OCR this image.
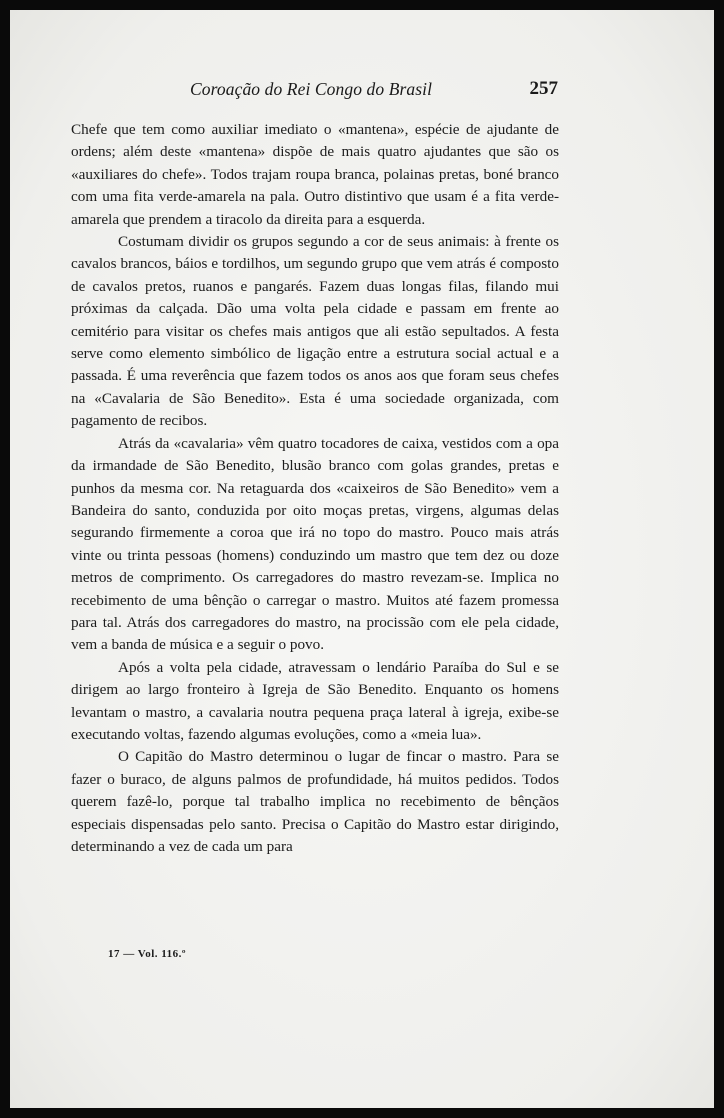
Coroação do Rei Congo do Brasil	257

Chefe que tem como auxiliar imediato o «mantena», espécie de ajudante de ordens; além deste «mantena» dispõe de mais quatro ajudantes que são os «auxiliares do chefe». Todos trajam roupa branca, polainas pretas, boné branco com uma fita verde-amarela na pala. Outro distintivo que usam é a fita verde-amarela que prendem a tiracolo da direita para a esquerda.

Costumam dividir os grupos segundo a cor de seus animais: à frente os cavalos brancos, báios e tordilhos, um segundo grupo que vem atrás é composto de cavalos pretos, ruanos e pangarés. Fazem duas longas filas, filando mui próximas da calçada. Dão uma volta pela cidade e passam em frente ao cemitério para visitar os chefes mais antigos que ali estão sepultados. A festa serve como elemento simbólico de ligação entre a estrutura social actual e a passada. É uma reverência que fazem todos os anos aos que foram seus chefes na «Cavalaria de São Benedito». Esta é uma sociedade organizada, com pagamento de recibos.

Atrás da «cavalaria» vêm quatro tocadores de caixa, vestidos com a opa da irmandade de São Benedito, blusão branco com golas grandes, pretas e punhos da mesma cor. Na retaguarda dos «caixeiros de São Benedito» vem a Bandeira do santo, conduzida por oito moças pretas, virgens, algumas delas segurando firmemente a coroa que irá no topo do mastro. Pouco mais atrás vinte ou trinta pessoas (homens) conduzindo um mastro que tem dez ou doze metros de comprimento. Os carregadores do mastro revezam-se. Implica no recebimento de uma bênção o carregar o mastro. Muitos até fazem promessa para tal. Atrás dos carregadores do mastro, na procissão com ele pela cidade, vem a banda de música e a seguir o povo.

Após a volta pela cidade, atravessam o lendário Paraíba do Sul e se dirigem ao largo fronteiro à Igreja de São Benedito. Enquanto os homens levantam o mastro, a cavalaria noutra pequena praça lateral à igreja, exibe-se executando voltas, fazendo algumas evoluções, como a «meia lua».

O Capitão do Mastro determinou o lugar de fincar o mastro. Para se fazer o buraco, de alguns palmos de profundidade, há muitos pedidos. Todos querem fazê-lo, porque tal trabalho implica no recebimento de bênçãos especiais dispensadas pelo santo. Precisa o Capitão do Mastro estar dirigindo, determinando a vez de cada um para

17 — Vol. 116.º
